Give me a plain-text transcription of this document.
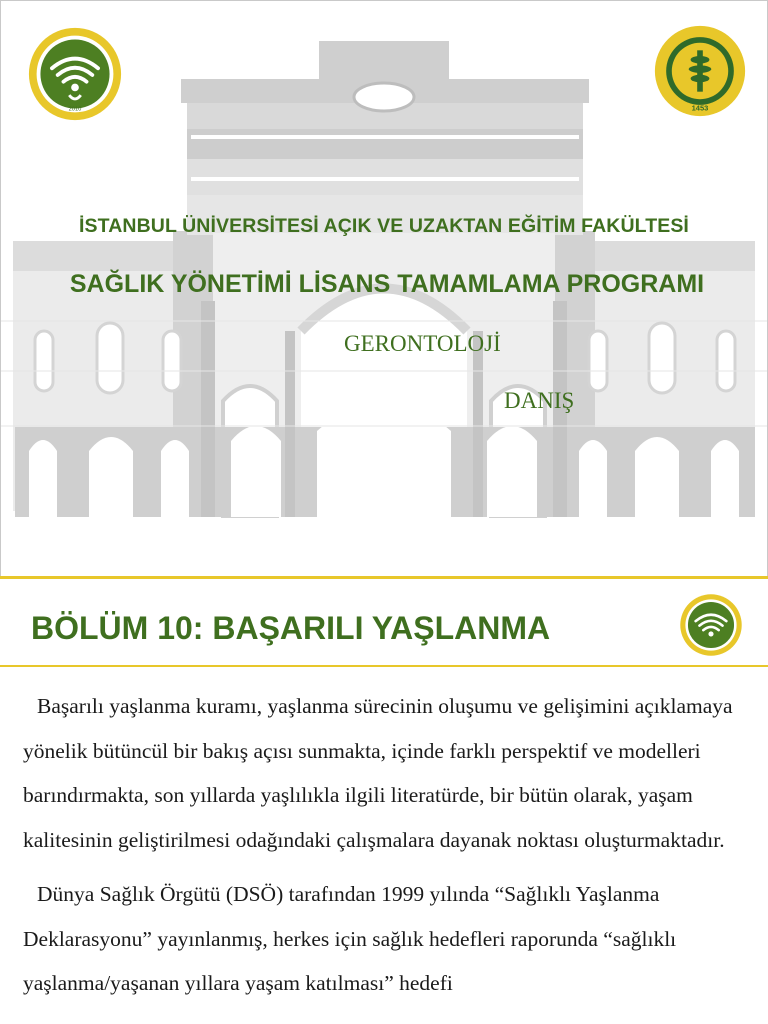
2010	1453
İSTANBUL ÜNİVERSİTESİ AÇIK VE UZAKTAN EĞİTİM FAKÜLTESİ
SAĞLIK YÖNETİMİ LİSANS TAMAMLAMA PROGRAMI
GERONTOLOJİ
DANIŞ
BÖLÜM 10: BAŞARILI YAŞLANMA

Başarılı yaşlanma kuramı, yaşlanma sürecinin oluşumu ve gelişimini açıklamaya yönelik bütüncül bir bakış açısı sunmakta, içinde farklı perspektif ve modelleri barındırmakta, son yıllarda yaşlılıkla ilgili literatürde, bir bütün olarak, yaşam kalitesinin geliştirilmesi odağındaki çalışmalara dayanak noktası oluşturmaktadır.

Dünya Sağlık Örgütü (DSÖ) tarafından 1999 yılında “Sağlıklı Yaşlanma Deklarasyonu” yayınlanmış, herkes için sağlık hedefleri raporunda “sağlıklı yaşlanma/yaşanan yıllara yaşam katılması” hedefi
